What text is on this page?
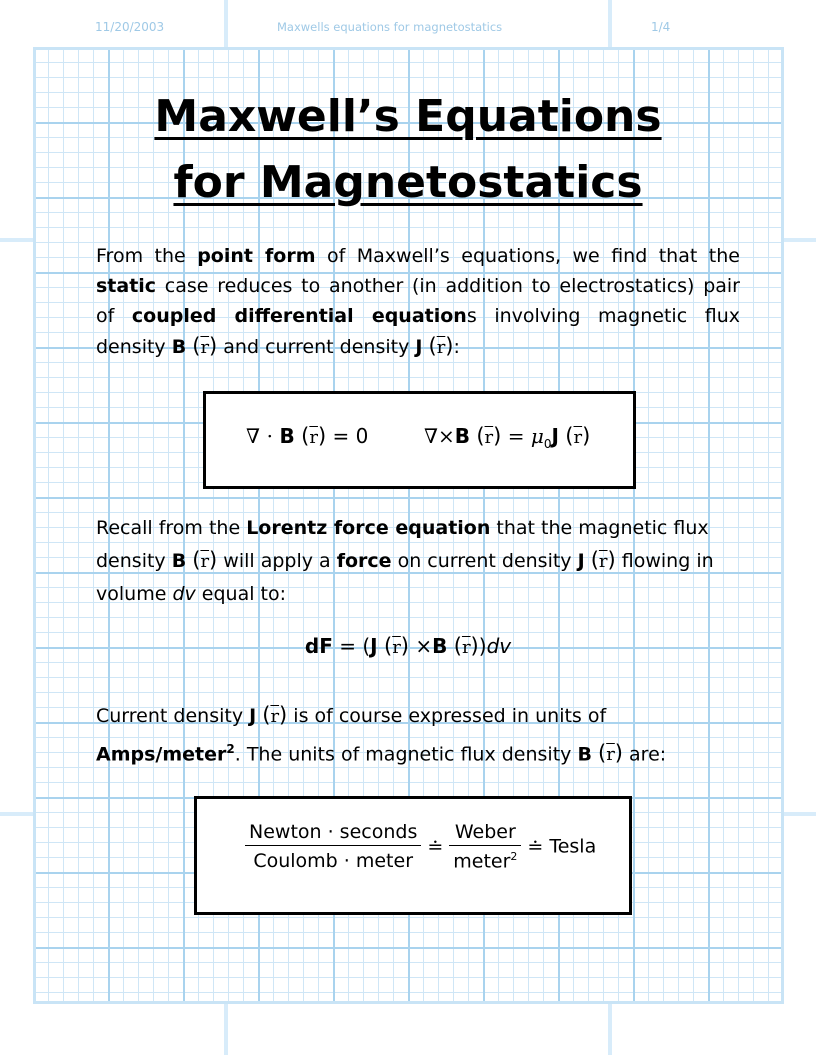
11/20/2003	Maxwells equations for magnetostatics	1/4
Maxwell’s Equations
for Magnetostatics
From the point form of Maxwell’s equations, we find that the static case reduces to another (in addition to electrostatics) pair of coupled differential equations involving magnetic flux density B $(\overline{r})$ and current density J $(\overline{r})$:
∇ ⋅ B $(\overline{r}) = 0$	∇×B $(\overline{r}) = \mu_0J$ $(\overline{r})$
Recall from the Lorentz force equation that the magnetic flux density B $(\overline{r})$ will apply a force on current density J $(\overline{r})$ flowing in volume dv equal to:
dF = (J $(\overline{r}) \times B$ $(\overline{r}))dv$
Current density J $(\overline{r})$ is of course expressed in units of Amps/meter$^2$. The units of magnetic flux density B $(\overline{r})$ are:
$\frac{\text{Newton ⋅ seconds}}{\text{Coulomb ⋅ meter}}$ ≐ $\frac{\text{Weber}}{meter^2}$ ≐ Tesla
